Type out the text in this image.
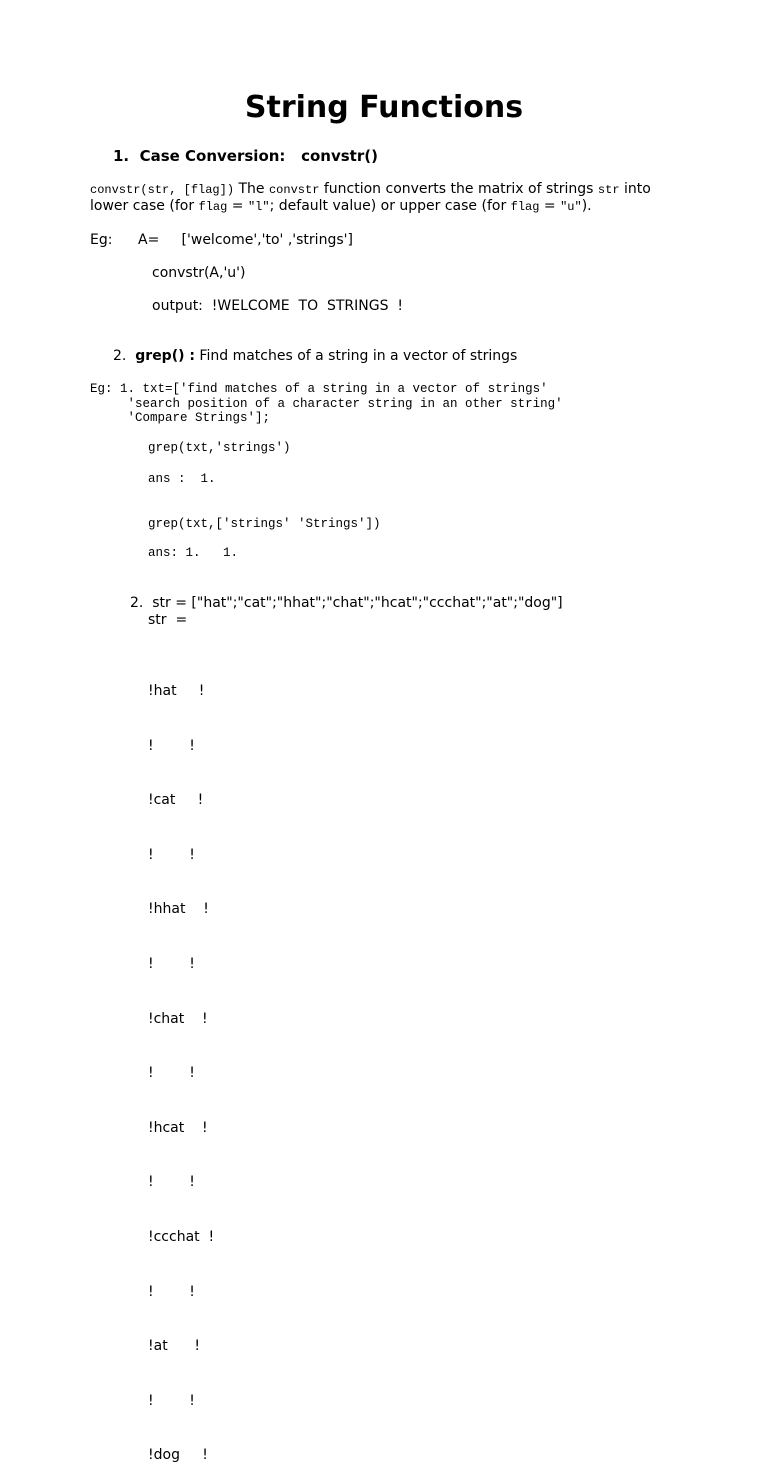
String Functions
1.  Case Conversion:   convstr()
convstr(str, [flag]) The convstr function converts the matrix of strings str into
lower case (for flag = "l"; default value) or upper case (for flag = "u").
Eg: A=     ['welcome','to' ,'strings']
convstr(A,'u')
output:  !WELCOME  TO  STRINGS  !
2. grep() : Find matches of a string in a vector of strings
Eg: 1. txt=['find matches of a string in a vector of strings'
'search position of a character string in an other string'
'Compare Strings'];
grep(txt,'strings')
ans :  1.
grep(txt,['strings' 'Strings'])
ans: 1.   1.
2.  str = ["hat";"cat";"hhat";"chat";"hcat";"ccchat";"at";"dog"]
str  =

!hat     !

!        !

!cat     !

!        !

!hhat    !

!        !

!chat    !

!        !

!hcat    !

!        !

!ccchat  !

!        !

!at      !

!        !

!dog     !
